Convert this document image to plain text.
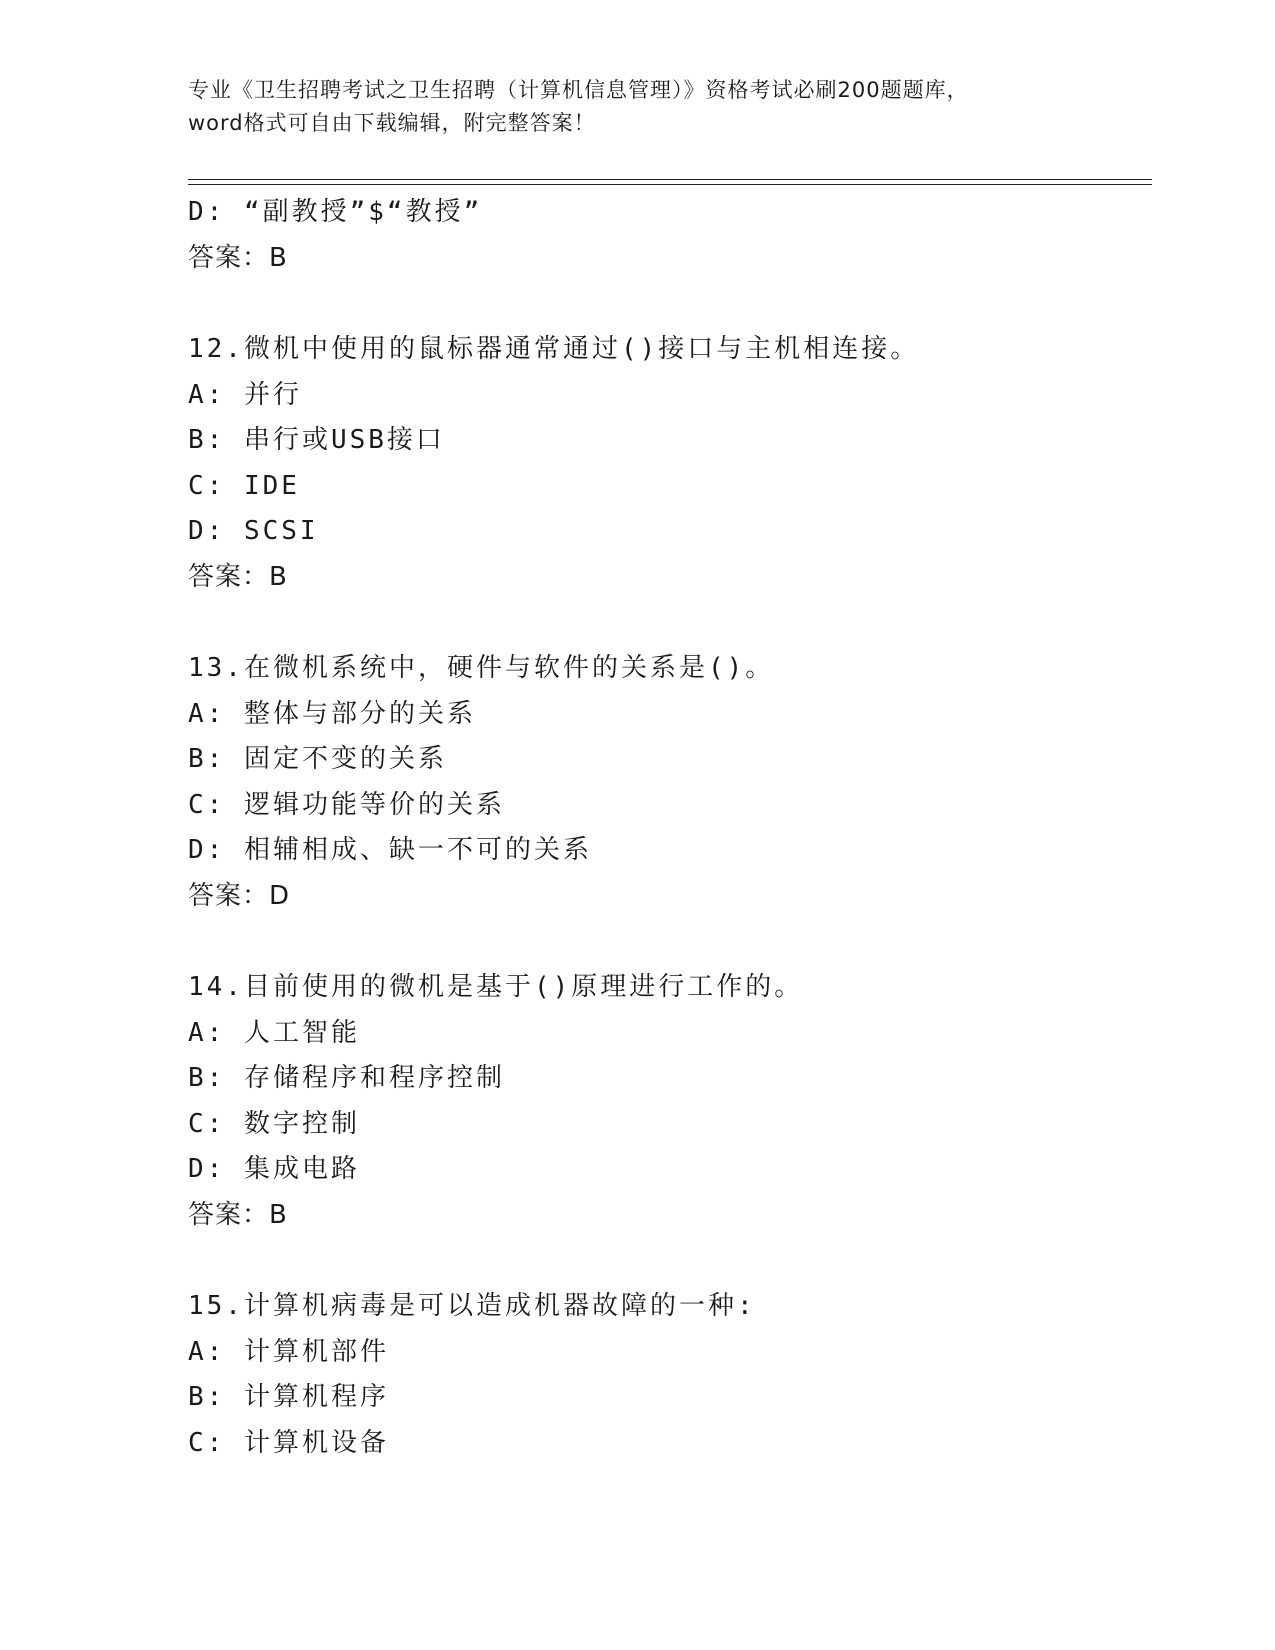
专业《卫生招聘考试之卫生招聘（计算机信息管理）》资格考试必刷200题题库，
word格式可自由下载编辑，附完整答案！
D: “副教授”$“教授”
答案：B
12.微机中使用的鼠标器通常通过()接口与主机相连接。
A: 并行
B: 串行或USB接口
C: IDE
D: SCSI
答案：B
13.在微机系统中，硬件与软件的关系是()。
A: 整体与部分的关系
B: 固定不变的关系
C: 逻辑功能等价的关系
D: 相辅相成、缺一不可的关系
答案：D
14.目前使用的微机是基于()原理进行工作的。
A: 人工智能
B: 存储程序和程序控制
C: 数字控制
D: 集成电路
答案：B
15.计算机病毒是可以造成机器故障的一种:
A: 计算机部件
B: 计算机程序
C: 计算机设备
